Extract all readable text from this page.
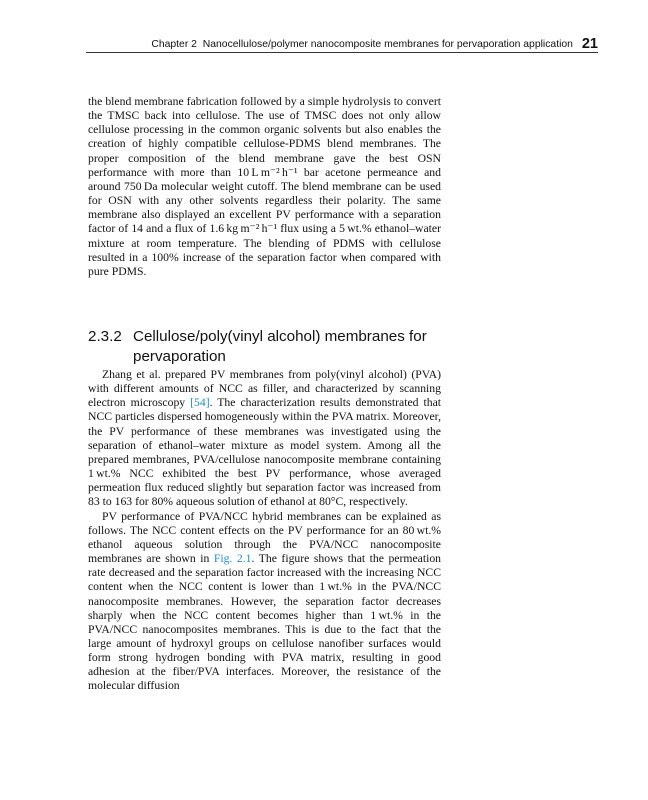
Chapter 2 Nanocellulose/polymer nanocomposite membranes for pervaporation application 21

the blend membrane fabrication followed by a simple hydrolysis to convert the TMSC back into cellulose. The use of TMSC does not only allow cellulose processing in the common organic solvents but also enables the creation of highly compatible cellulose-PDMS blend membranes. The proper composition of the blend membrane gave the best OSN performance with more than 10 L m⁻² h⁻¹ bar acetone permeance and around 750 Da molecular weight cutoff. The blend membrane can be used for OSN with any other solvents regardless their polarity. The same membrane also displayed an excellent PV performance with a separation factor of 14 and a flux of 1.6 kg m⁻² h⁻¹ flux using a 5 wt.% ethanol–water mixture at room temperature. The blending of PDMS with cellulose resulted in a 100% increase of the separation factor when compared with pure PDMS.

2.3.2 Cellulose/poly(vinyl alcohol) membranes for
pervaporation

Zhang et al. prepared PV membranes from poly(vinyl alcohol) (PVA) with different amounts of NCC as filler, and characterized by scanning electron microscopy [54]. The characterization results demonstrated that NCC particles dispersed homogeneously within the PVA matrix. Moreover, the PV performance of these membranes was investigated using the separation of ethanol–water mixture as model system. Among all the prepared membranes, PVA/cellulose nanocomposite membrane containing 1 wt.% NCC exhibited the best PV performance, whose averaged permeation flux reduced slightly but separation factor was increased from 83 to 163 for 80% aqueous solution of ethanol at 80°C, respectively.

PV performance of PVA/NCC hybrid membranes can be explained as follows. The NCC content effects on the PV performance for an 80 wt.% ethanol aqueous solution through the PVA/NCC nanocomposite membranes are shown in Fig. 2.1. The figure shows that the permeation rate decreased and the separation factor increased with the increasing NCC content when the NCC content is lower than 1 wt.% in the PVA/NCC nanocomposite membranes. However, the separation factor decreases sharply when the NCC content becomes higher than 1 wt.% in the PVA/NCC nanocomposites membranes. This is due to the fact that the large amount of hydroxyl groups on cellulose nanofiber surfaces would form strong hydrogen bonding with PVA matrix, resulting in good adhesion at the fiber/PVA interfaces. Moreover, the resistance of the molecular diffusion
